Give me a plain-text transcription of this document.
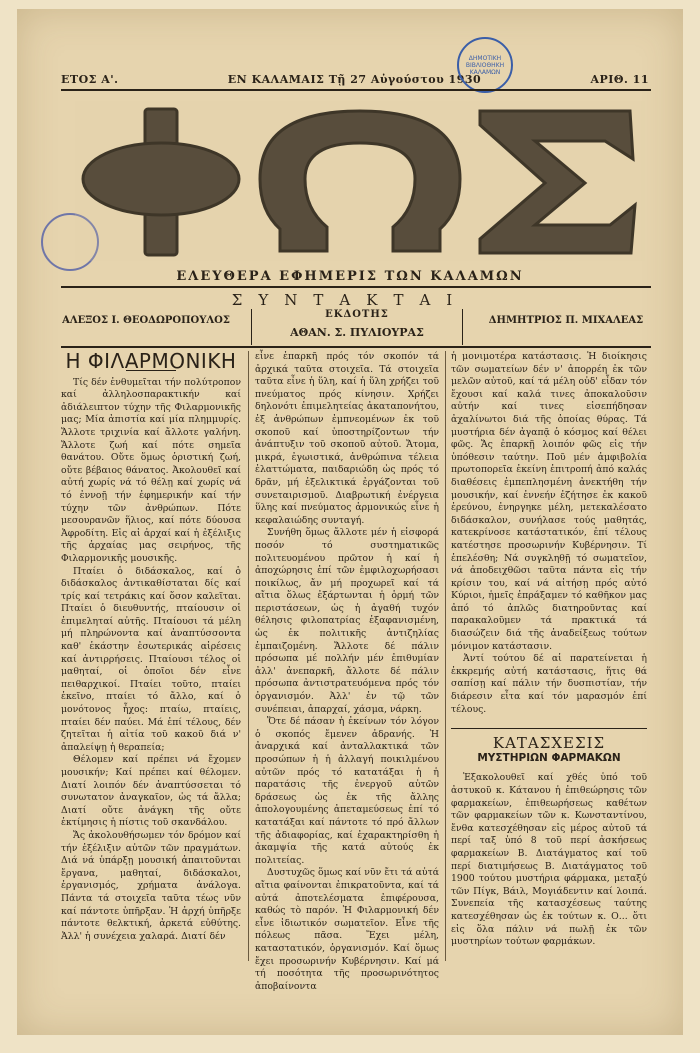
ΕΤΟΣ Α'.	ΕΝ ΚΑΛΑΜΑΙΣ Τῇ 27 Αὐγούστου 1930	ΑΡΙΘ. 11
ΔΗΜΟΤΙΚΗ ΒΙΒΛΙΟΘΗΚΗ ΚΑΛΑΜΩΝ
ΕΛΕΥΘΕΡΑ ΕΦΗΜΕΡΙΣ ΤΩΝ ΚΑΛΑΜΩΝ
ΣΥΝΤΑΚΤΑΙ
ΑΛΕΞΟΣ Ι. ΘΕΟΔΩΡΟΠΟΥΛΟΣ
ΕΚΔΟΤΗΣ
ΑΘΑΝ. Σ. ΠΥΛΙΟΥΡΑΣ
ΔΗΜΗΤΡΙΟΣ Π. ΜΙΧΑΛΕΑΣ
Η ΦΙΛΑΡΜΟΝΙΚΗ

Τίς δέν ἐνθυμεῖται τήν πολύτροπον καί ἀλληλοσπαρακτικήν καί ἀδιάλειπτον τύχην τῆς Φιλαρμονικῆς μας; Μία ἀπιστία καί μία πλημμυρίς. Ἄλλοτε τριχινία καί ἄλλοτε γαλήνη. Ἄλλοτε ζωή καί πότε σημεῖα θανάτου. Οὔτε ὅμως ὁριστική ζωή, οὔτε βέβαιος θάνατος. Ἀκολουθεῖ καί αὐτή χωρίς νά τό θέλῃ καί χωρίς νά τό ἐννοῇ τήν ἐφημερικήν καί τήν τύχην τῶν ἀνθρώπων. Πότε μεσουρανῶν ἥλιος, καί πότε δύουσα Ἀφροδίτη. Εἰς αἱ ἀρχαί καί ἡ ἐξέλιξις τῆς ἀρχαίας μας σειρήνος, τῆς Φιλαρμονικῆς μουσικῆς.

Πταίει ὁ διδάσκαλος, καί ὁ διδάσκαλος ἀντικαθίσταται δίς καί τρίς καί τετράκις καί ὅσον καλεῖται. Πταίει ὁ διευθυντής, πταίουσιν οἱ ἐπιμεληταί αὐτῆς. Πταίουσι τά μέλη μή πληρώνοντα καί ἀναπτύσσοντα καθ' ἑκάστην ἐσωτερικάς αἱρέσεις καί ἀντιρρήσεις. Πταίουσι τέλος οἱ μαθηταί, οἱ ὁποῖοι δέν εἶνε πειθαρχικοί. Πταίει τοῦτο, πταίει ἐκεῖνο, πταίει τό ἄλλο, καί ὁ μονότονος ἦχος: πταίω, πταίεις, πταίει δέν παύει. Μά ἐπί τέλους, δέν ζητεῖται ἡ αἰτία τοῦ κακοῦ διά ν' ἀπαλείψῃ ἡ θεραπεία;

Θέλομεν καί πρέπει νά ἔχομεν μουσικήν; Καί πρέπει καί θέλομεν. Διατί λοιπόν δέν ἀναπτύσσεται τό συνωτατον ἀναγκαῖον, ὡς τά ἄλλα; Διατί οὔτε ἀνάγκη τῆς οὔτε ἐκτίμησις ἡ πίστις τοῦ σκανδάλου.

Ἄς ἀκολουθήσωμεν τόν δρόμον καί τήν ἐξέλιξιν αὐτῶν τῶν πραγμάτων. Διά νά ὑπάρξῃ μουσική ἀπαιτοῦνται ἔργανα, μαθηταί, διδάσκαλοι, ἐργανισμός, χρήματα ἀνάλογα. Πάντα τά στοιχεῖα ταῦτα τέως νῦν καί πάντοτε ὑπῆρξαν. Ἡ ἀρχή ὑπῆρξε πάντοτε θελκτική, ἀρκετά εὐθύτης. Ἀλλ' ἡ συνέχεια χαλαρά. Διατί δέν

εἶνε ἐπαρκῆ πρός τόν σκοπόν τά ἀρχικά ταῦτα στοιχεῖα. Τά στοιχεῖα ταῦτα εἶνε ἡ ὕλη, καί ἡ ὕλη χρήζει τοῦ πνεύματος πρός κίνησιν. Χρήζει δηλονότι ἐπιμελητείας ἀκαταπονήτου, ἐξ ἀνθρώπων ἐμπνεομένων ἐκ τοῦ σκοποῦ καί ὑποστηρίζοντων τήν ἀνάπτυξιν τοῦ σκοποῦ αὐτοῦ. Ἄτομα, μικρά, ἐγωιστικά, ἀνθρώπινα τέλεια ἐλαττώματα, παιδαριώδη ὡς πρός τό δρᾶν, μή ἐξελικτικά ἐργάζονται τοῦ συνεταιρισμοῦ. Διαβρωτική ἐνέργεια ὕλης καί πνεύματος ἁρμονικώς εἶνε ἡ κεφαλαιώδης συνταγή.

Συνήθη ὅμως ἄλλοτε μέν ἡ εἰσφορά ποσόν τό συστηματικῶς πολιτευομένου πρῶτον ἡ καί ἡ ἀποχώρησις ἐπί τῶν ἐμφιλοχωρήσασι ποικίλως, ἄν μή προχωρεῖ καί τά αἴτια ὅλως ἐξάρτωνται ἡ ὁρμή τῶν περιστάσεων, ὡς ἡ ἀγαθή τυχόν θέλησις φιλοπατρίας ἐξαφανισμένη, ὡς ἐκ πολιτικῆς ἀντιζηλίας ἐμπαιζομένη. Ἄλλοτε δέ πάλιν πρόσωπα μέ πολλήν μέν ἐπιθυμίαν ἀλλ' ἀνεπαρκῆ, ἄλλοτε δέ πάλιν πρόσωπα ἀντιστρατευόμενα πρός τόν ὀργανισμόν. Ἀλλ' ἐν τῷ τῶν συνέπειαι, ἀπαρχαί, χάσμα, νάρκη.

Ὅτε δέ πάσαν ἡ ἐκείνων τόν λόγον ὁ σκοπός ἔμενεν ἀδρανής. Ἡ ἀναρχικά καί ἀνταλλακτικά τῶν προσώπων ἡ ἡ ἀλλαγή ποικιλμένου αὐτῶν πρός τό κατατάξαι ἡ ἡ παρατάσις τῆς ἐνεργοῦ αὐτῶν δράσεως ὡς ἐκ τῆς ἄλλης ἀπολογουμένης ἀπεταμεύσεως ἐπί τό κατατάξαι καί πάντοτε τό πρό ἄλλων τῆς ἀδιαφορίας, καί ἐχαρακτηρίσθη ἡ ἀκαμψία τῆς κατά αὐτούς ἐκ πολιτείας.

Δυστυχῶς ὅμως καί νῦν ἔτι τά αὐτά αἴτια φαίνονται ἐπικρατοῦντα, καί τά αὐτά ἀποτελέσματα ἐπιφέρουσα, καθώς τὸ παρόν. Ἡ Φιλαρμονική δέν εἶνε ἰδιωτικόν σωματεῖον. Εἶνε τῆς πόλεως πᾶσα. Ἔχει μέλη, καταστατικόν, ὀργανισμόν. Καί ὅμως ἔχει προσωρινήν Κυβέρνησιν. Καί μά τή ποσότητα τῆς προσωρινότητος ἀποβαίνοντα

ἡ μονιμοτέρα κατάστασις. Ἡ διοίκησις τῶν σωματείων δέν ν' ἀπορρέη ἐκ τῶν μελῶν αὐτοῦ, καί τά μέλη οὐδ' εἶδαν τόν ἔχουσι καί καλά τινες ἀποκαλοῦσιν αὐτήν καί τινες εἰσεπήδησαν ἀχαλίνωτοι διά τῆς ὁποίας θύρας. Τά μυστήρια δέν ἀγαπᾷ ὁ κόσμος καί θέλει φῶς. Ἄς ἐπαρκῇ λοιπόν φῶς εἰς τήν ὑπόθεσιν ταύτην. Ποῦ μέν ἀμφιβολία πρωτοπορεῖα ἐκείνη ἐπιτροπή ἀπό καλάς διαθέσεις ἐμπεπλησμένη ἀνεκτήθη τήν μουσικήν, καί ἐννεήν ἐζήτησε ἐκ κακοῦ ἐρεύνου, ἐνηργηκε μέλη, μετεκαλέσατο διδάσκαλον, συνήλασε τούς μαθητάς, κατεκρίνοσε κατάστατικόν, ἐπί τέλους κατέστησε προσωρινήν Κυβέρνησιν. Τί ἐπελέσθη; Νά συγκληθῇ τό σωματεῖον, νά ἀποδειχθῶσι ταῦτα πάντα εἰς τήν κρίσιν του, καί νά αἰτήσῃ πρός αὐτό Κύριοι, ἡμεῖς ἐπράξαμεν τό καθῆκον μας ἀπό τό ἀπλῶς διατηροῦντας καί παρακαλοῦμεν τά πρακτικά τά διασώζειν διά τῆς ἀναδείξεως τούτων μόνιμον κατάστασιν.

Ἀντί τούτου δέ αἱ παρατείνεται ἡ ἐκκρεμής αὐτή κατάστασις, ἥτις θά σαπίσῃ καί πάλιν τήν δυσπιστίαν, τήν διάρεσιν εἶτα καί τόν μαρασμόν ἐπί τέλους.

ΚΑΤΑΣΧΕΣΙΣ
ΜΥΣΤΗΡΙΩΝ ΦΑΡΜΑΚΩΝ

Ἐξακολουθεῖ καί χθές ὑπό τοῦ ἀστυκοῦ κ. Κάτανου ἡ ἐπιθεώρησις τῶν φαρμακείων, ἐπιθεωρήσεως καθέτων τῶν φαρμακείων τῶν κ. Κωνσταντίνου, ἔνθα κατεσχέθησαν εἰς μέρος αὐτοῦ τά περί ταξ ὑπό 8 τοῦ περί ἀσκήσεως φαρμακείων Β. Διατάγματος καί τοῦ περί διατιμήσεως Β. Διατάγματος τοῦ 1900 τούτου μυστήρια φάρμακα, μεταξύ τῶν Πίγκ, Βάιλ, Μογιάδεντιν καί λοιπά. Συνεπεία τῆς κατασχέσεως ταύτης κατεσχέθησαν ὡς ἐκ τούτων κ. Ο... ὅτι εἰς ὅλα πάλιν νά πωλῇ ἐκ τῶν μυστηρίων τούτων φαρμάκων.
